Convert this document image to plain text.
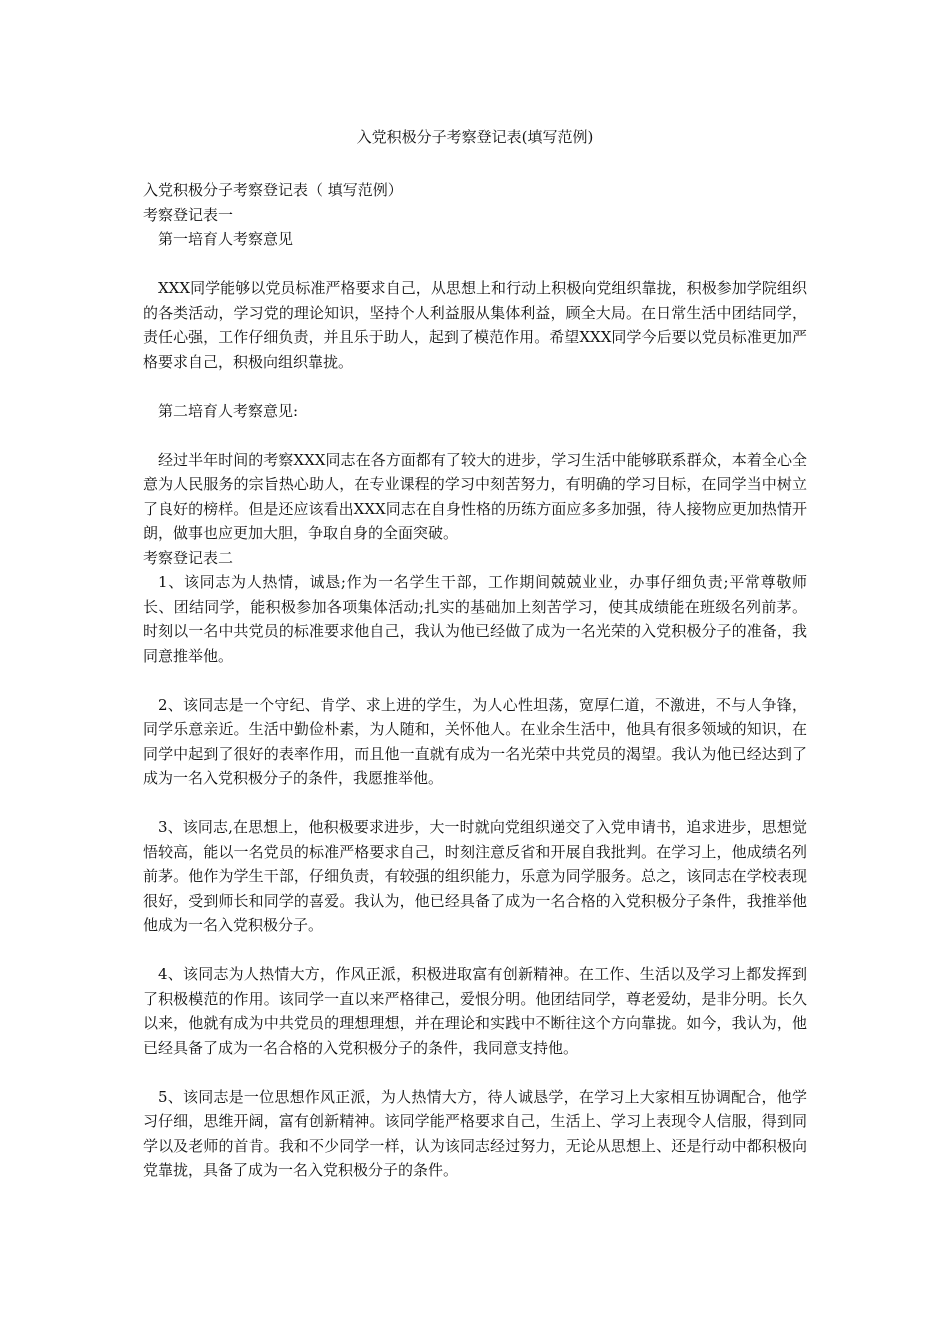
入党积极分子考察登记表(填写范例)

入党积极分子考察登记表（ 填写范例）

考察登记表一

第一培育人考察意见

XXX同学能够以党员标准严格要求自己，从思想上和行动上积极向党组织靠拢，积极参加学院组织的各类活动，学习党的理论知识，坚持个人利益服从集体利益，顾全大局。在日常生活中团结同学，责任心强，工作仔细负责，并且乐于助人，起到了模范作用。希望XXX同学今后要以党员标准更加严格要求自己，积极向组织靠拢。

第二培育人考察意见:

经过半年时间的考察XXX同志在各方面都有了较大的进步，学习生活中能够联系群众，本着全心全意为人民服务的宗旨热心助人，在专业课程的学习中刻苦努力，有明确的学习目标，在同学当中树立了良好的榜样。但是还应该看出XXX同志在自身性格的历练方面应多多加强，待人接物应更加热情开朗，做事也应更加大胆，争取自身的全面突破。

考察登记表二

1、该同志为人热情，诚恳;作为一名学生干部，工作期间兢兢业业，办事仔细负责;平常尊敬师长、团结同学，能积极参加各项集体活动;扎实的基础加上刻苦学习，使其成绩能在班级名列前茅。时刻以一名中共党员的标准要求他自己，我认为他已经做了成为一名光荣的入党积极分子的准备，我同意推举他。

2、该同志是一个守纪、肯学、求上进的学生，为人心性坦荡，宽厚仁道，不激进，不与人争锋，同学乐意亲近。生活中勤俭朴素，为人随和，关怀他人。在业余生活中，他具有很多领域的知识，在同学中起到了很好的表率作用，而且他一直就有成为一名光荣中共党员的渴望。我认为他已经达到了成为一名入党积极分子的条件，我愿推举他。

3、该同志,在思想上，他积极要求进步，大一时就向党组织递交了入党申请书，追求进步，思想觉悟较高，能以一名党员的标准严格要求自己，时刻注意反省和开展自我批判。在学习上，他成绩名列前茅。他作为学生干部，仔细负责，有较强的组织能力，乐意为同学服务。总之，该同志在学校表现很好，受到师长和同学的喜爱。我认为，他已经具备了成为一名合格的入党积极分子条件，我推举他他成为一名入党积极分子。

4、该同志为人热情大方，作风正派，积极进取富有创新精神。在工作、生活以及学习上都发挥到了积极模范的作用。该同学一直以来严格律己，爱恨分明。他团结同学，尊老爱幼，是非分明。长久以来，他就有成为中共党员的理想理想，并在理论和实践中不断往这个方向靠拢。如今，我认为，他已经具备了成为一名合格的入党积极分子的条件，我同意支持他。

5、该同志是一位思想作风正派，为人热情大方，待人诚恳学，在学习上大家相互协调配合，他学习仔细，思维开阔，富有创新精神。该同学能严格要求自己，生活上、学习上表现令人信服，得到同学以及老师的首肯。我和不少同学一样，认为该同志经过努力，无论从思想上、还是行动中都积极向党靠拢，具备了成为一名入党积极分子的条件。
